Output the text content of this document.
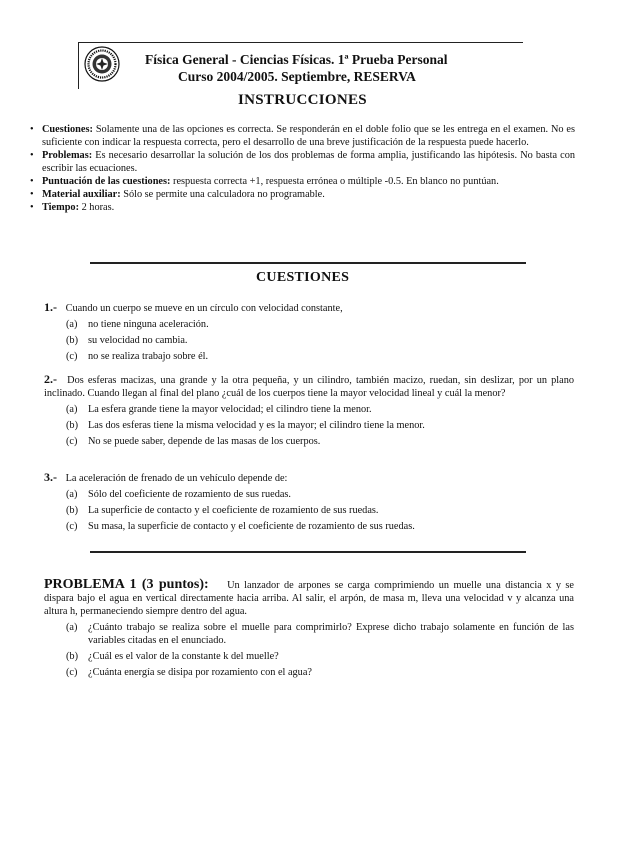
Física General - Ciencias Físicas. 1ª Prueba Personal
Curso 2004/2005. Septiembre, RESERVA
INSTRUCCIONES
• Cuestiones: Solamente una de las opciones es correcta. Se responderán en el doble folio que se les entrega en el examen. No es suficiente con indicar la respuesta correcta, pero el desarrollo de una breve justificación de la respuesta puede hacerlo.
• Problemas: Es necesario desarrollar la solución de los dos problemas de forma amplia, justificando las hipótesis. No basta con escribir las ecuaciones.
• Puntuación de las cuestiones: respuesta correcta +1, respuesta errónea o múltiple -0.5. En blanco no puntúan.
• Material auxiliar: Sólo se permite una calculadora no programable.
• Tiempo: 2 horas.
CUESTIONES
1.- Cuando un cuerpo se mueve en un círculo con velocidad constante,
(a) no tiene ninguna aceleración.
(b) su velocidad no cambia.
(c) no se realiza trabajo sobre él.
2.- Dos esferas macizas, una grande y la otra pequeña, y un cilindro, también macizo, ruedan, sin deslizar, por un plano inclinado. Cuando llegan al final del plano ¿cuál de los cuerpos tiene la mayor velocidad lineal y cuál la menor?
(a) La esfera grande tiene la mayor velocidad; el cilindro tiene la menor.
(b) Las dos esferas tiene la misma velocidad y es la mayor; el cilindro tiene la menor.
(c) No se puede saber, depende de las masas de los cuerpos.
3.- La aceleración de frenado de un vehículo depende de:
(a) Sólo del coeficiente de rozamiento de sus ruedas.
(b) La superficie de contacto y el coeficiente de rozamiento de sus ruedas.
(c) Su masa, la superficie de contacto y el coeficiente de rozamiento de sus ruedas.
PROBLEMA 1 (3 puntos): Un lanzador de arpones se carga comprimiendo un muelle una distancia x y se dispara bajo el agua en vertical directamente hacia arriba. Al salir, el arpón, de masa m, lleva una velocidad v y alcanza una altura h, permaneciendo siempre dentro del agua.
(a) ¿Cuánto trabajo se realiza sobre el muelle para comprimirlo? Exprese dicho trabajo solamente en función de las variables citadas en el enunciado.
(b) ¿Cuál es el valor de la constante k del muelle?
(c) ¿Cuánta energía se disipa por rozamiento con el agua?
